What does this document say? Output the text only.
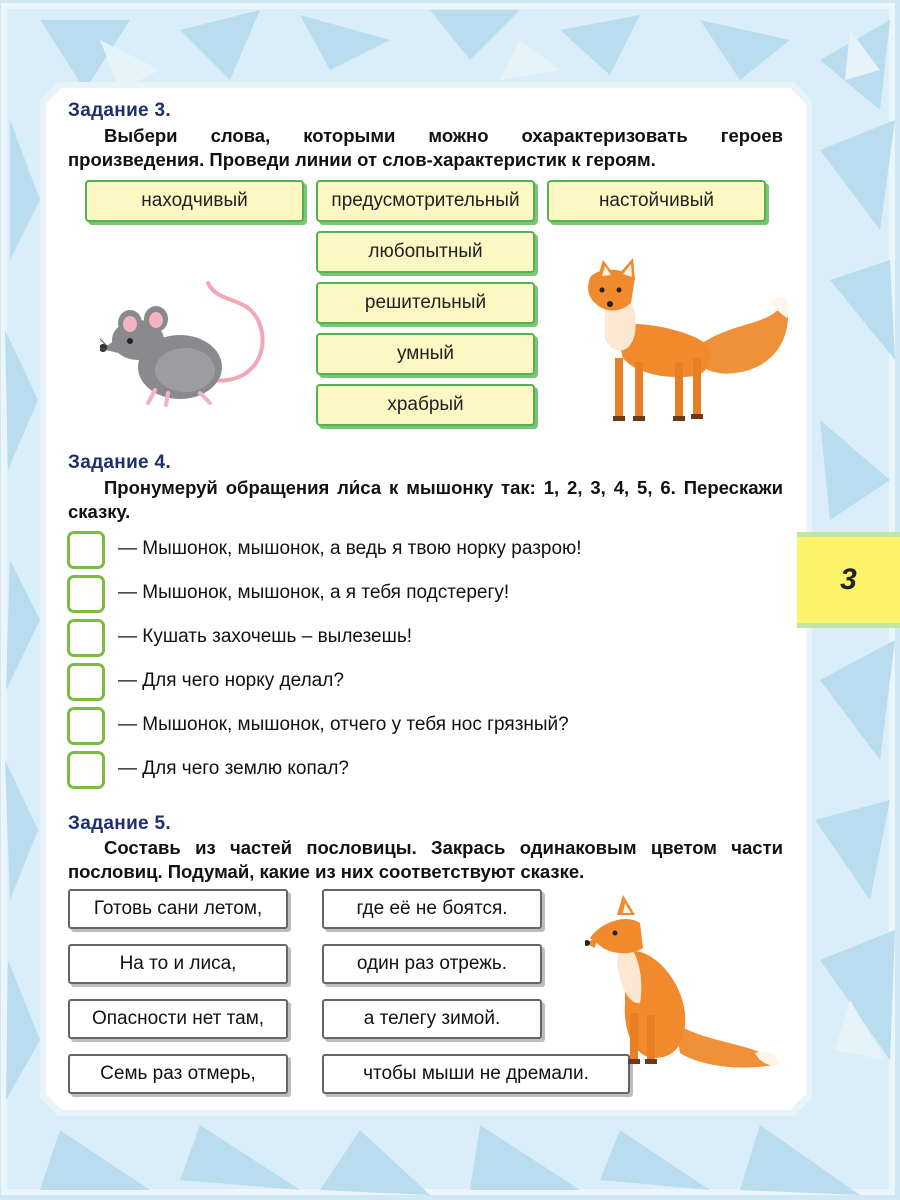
Задание 3.
Выбери слова, которыми можно охарактеризовать героев произведения. Проведи линии от слов-характеристик к героям.
находчивый	предусмотрительный	настойчивый
любопытный
решительный
умный
храбрый
Задание 4.
Пронумеруй обращения ли́са к мышонку так: 1, 2, 3, 4, 5, 6. Перескажи сказку.
— Мышонок, мышонок, а ведь я твою норку разрою!
— Мышонок, мышонок, а я тебя подстерегу!
— Кушать захочешь – вылезешь!
— Для чего норку делал?
— Мышонок, мышонок, отчего у тебя нос грязный?
— Для чего землю копал?
Задание 5.
Составь из частей пословицы. Закрась одинаковым цветом части пословиц. Подумай, какие из них соответствуют сказке.
Готовь сани летом,
На то и лиса,
Опасности нет там,
Семь раз отмерь,
где её не боятся.
один раз отрежь.
а телегу зимой.
чтобы мыши не дремали.
3
